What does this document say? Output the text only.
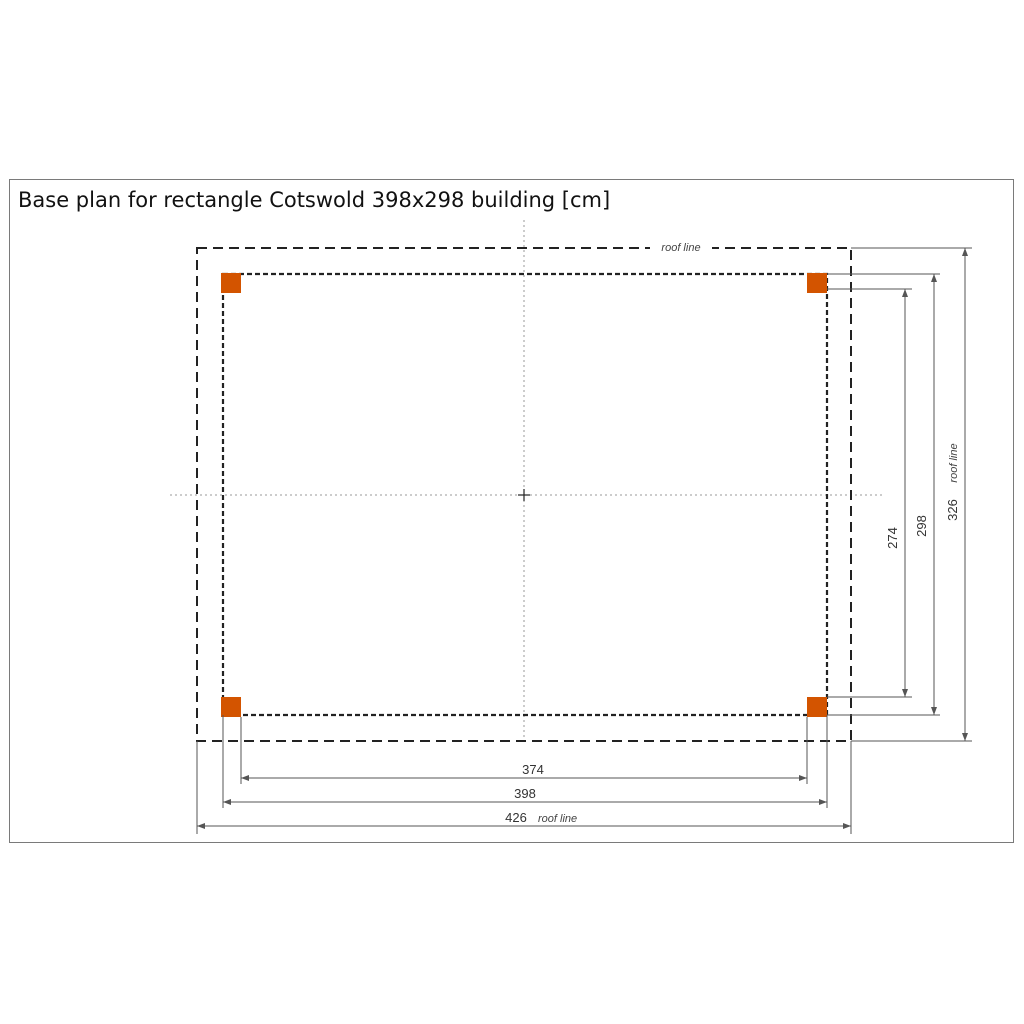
Base plan for rectangle Cotswold 398x298 building [cm]
roof line
374
398
426 roof line
274
298
326
roof line
